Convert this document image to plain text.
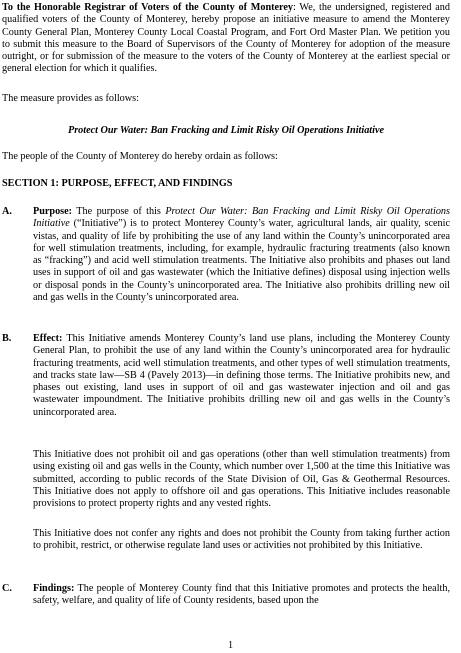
To the Honorable Registrar of Voters of the County of Monterey: We, the undersigned, registered and qualified voters of the County of Monterey, hereby propose an initiative measure to amend the Monterey County General Plan, Monterey County Local Coastal Program, and Fort Ord Master Plan. We petition you to submit this measure to the Board of Supervisors of the County of Monterey for adoption of the measure outright, or for submission of the measure to the voters of the County of Monterey at the earliest special or general election for which it qualifies.

The measure provides as follows:

Protect Our Water: Ban Fracking and Limit Risky Oil Operations Initiative

The people of the County of Monterey do hereby ordain as follows:

SECTION 1: PURPOSE, EFFECT, AND FINDINGS

A. Purpose: The purpose of this Protect Our Water: Ban Fracking and Limit Risky Oil Operations Initiative (“Initiative”) is to protect Monterey County’s water, agricultural lands, air quality, scenic vistas, and quality of life by prohibiting the use of any land within the County’s unincorporated area for well stimulation treatments, including, for example, hydraulic fracturing treatments (also known as “fracking”) and acid well stimulation treatments. The Initiative also prohibits and phases out land uses in support of oil and gas wastewater (which the Initiative defines) disposal using injection wells or disposal ponds in the County’s unincorporated area. The Initiative also prohibits drilling new oil and gas wells in the County’s unincorporated area.

B. Effect: This Initiative amends Monterey County’s land use plans, including the Monterey County General Plan, to prohibit the use of any land within the County’s unincorporated area for hydraulic fracturing treatments, acid well stimulation treatments, and other types of well stimulation treatments, and tracks state law—SB 4 (Pavely 2013)—in defining those terms. The Initiative prohibits new, and phases out existing, land uses in support of oil and gas wastewater injection and oil and gas wastewater impoundment. The Initiative prohibits drilling new oil and gas wells in the County’s unincorporated area.

This Initiative does not prohibit oil and gas operations (other than well stimulation treatments) from using existing oil and gas wells in the County, which number over 1,500 at the time this Initiative was submitted, according to public records of the State Division of Oil, Gas & Geothermal Resources. This Initiative does not apply to offshore oil and gas operations. This Initiative includes reasonable provisions to protect property rights and any vested rights.

This Initiative does not confer any rights and does not prohibit the County from taking further action to prohibit, restrict, or otherwise regulate land uses or activities not prohibited by this Initiative.

C. Findings: The people of Monterey County find that this Initiative promotes and protects the health, safety, welfare, and quality of life of County residents, based upon the

1
